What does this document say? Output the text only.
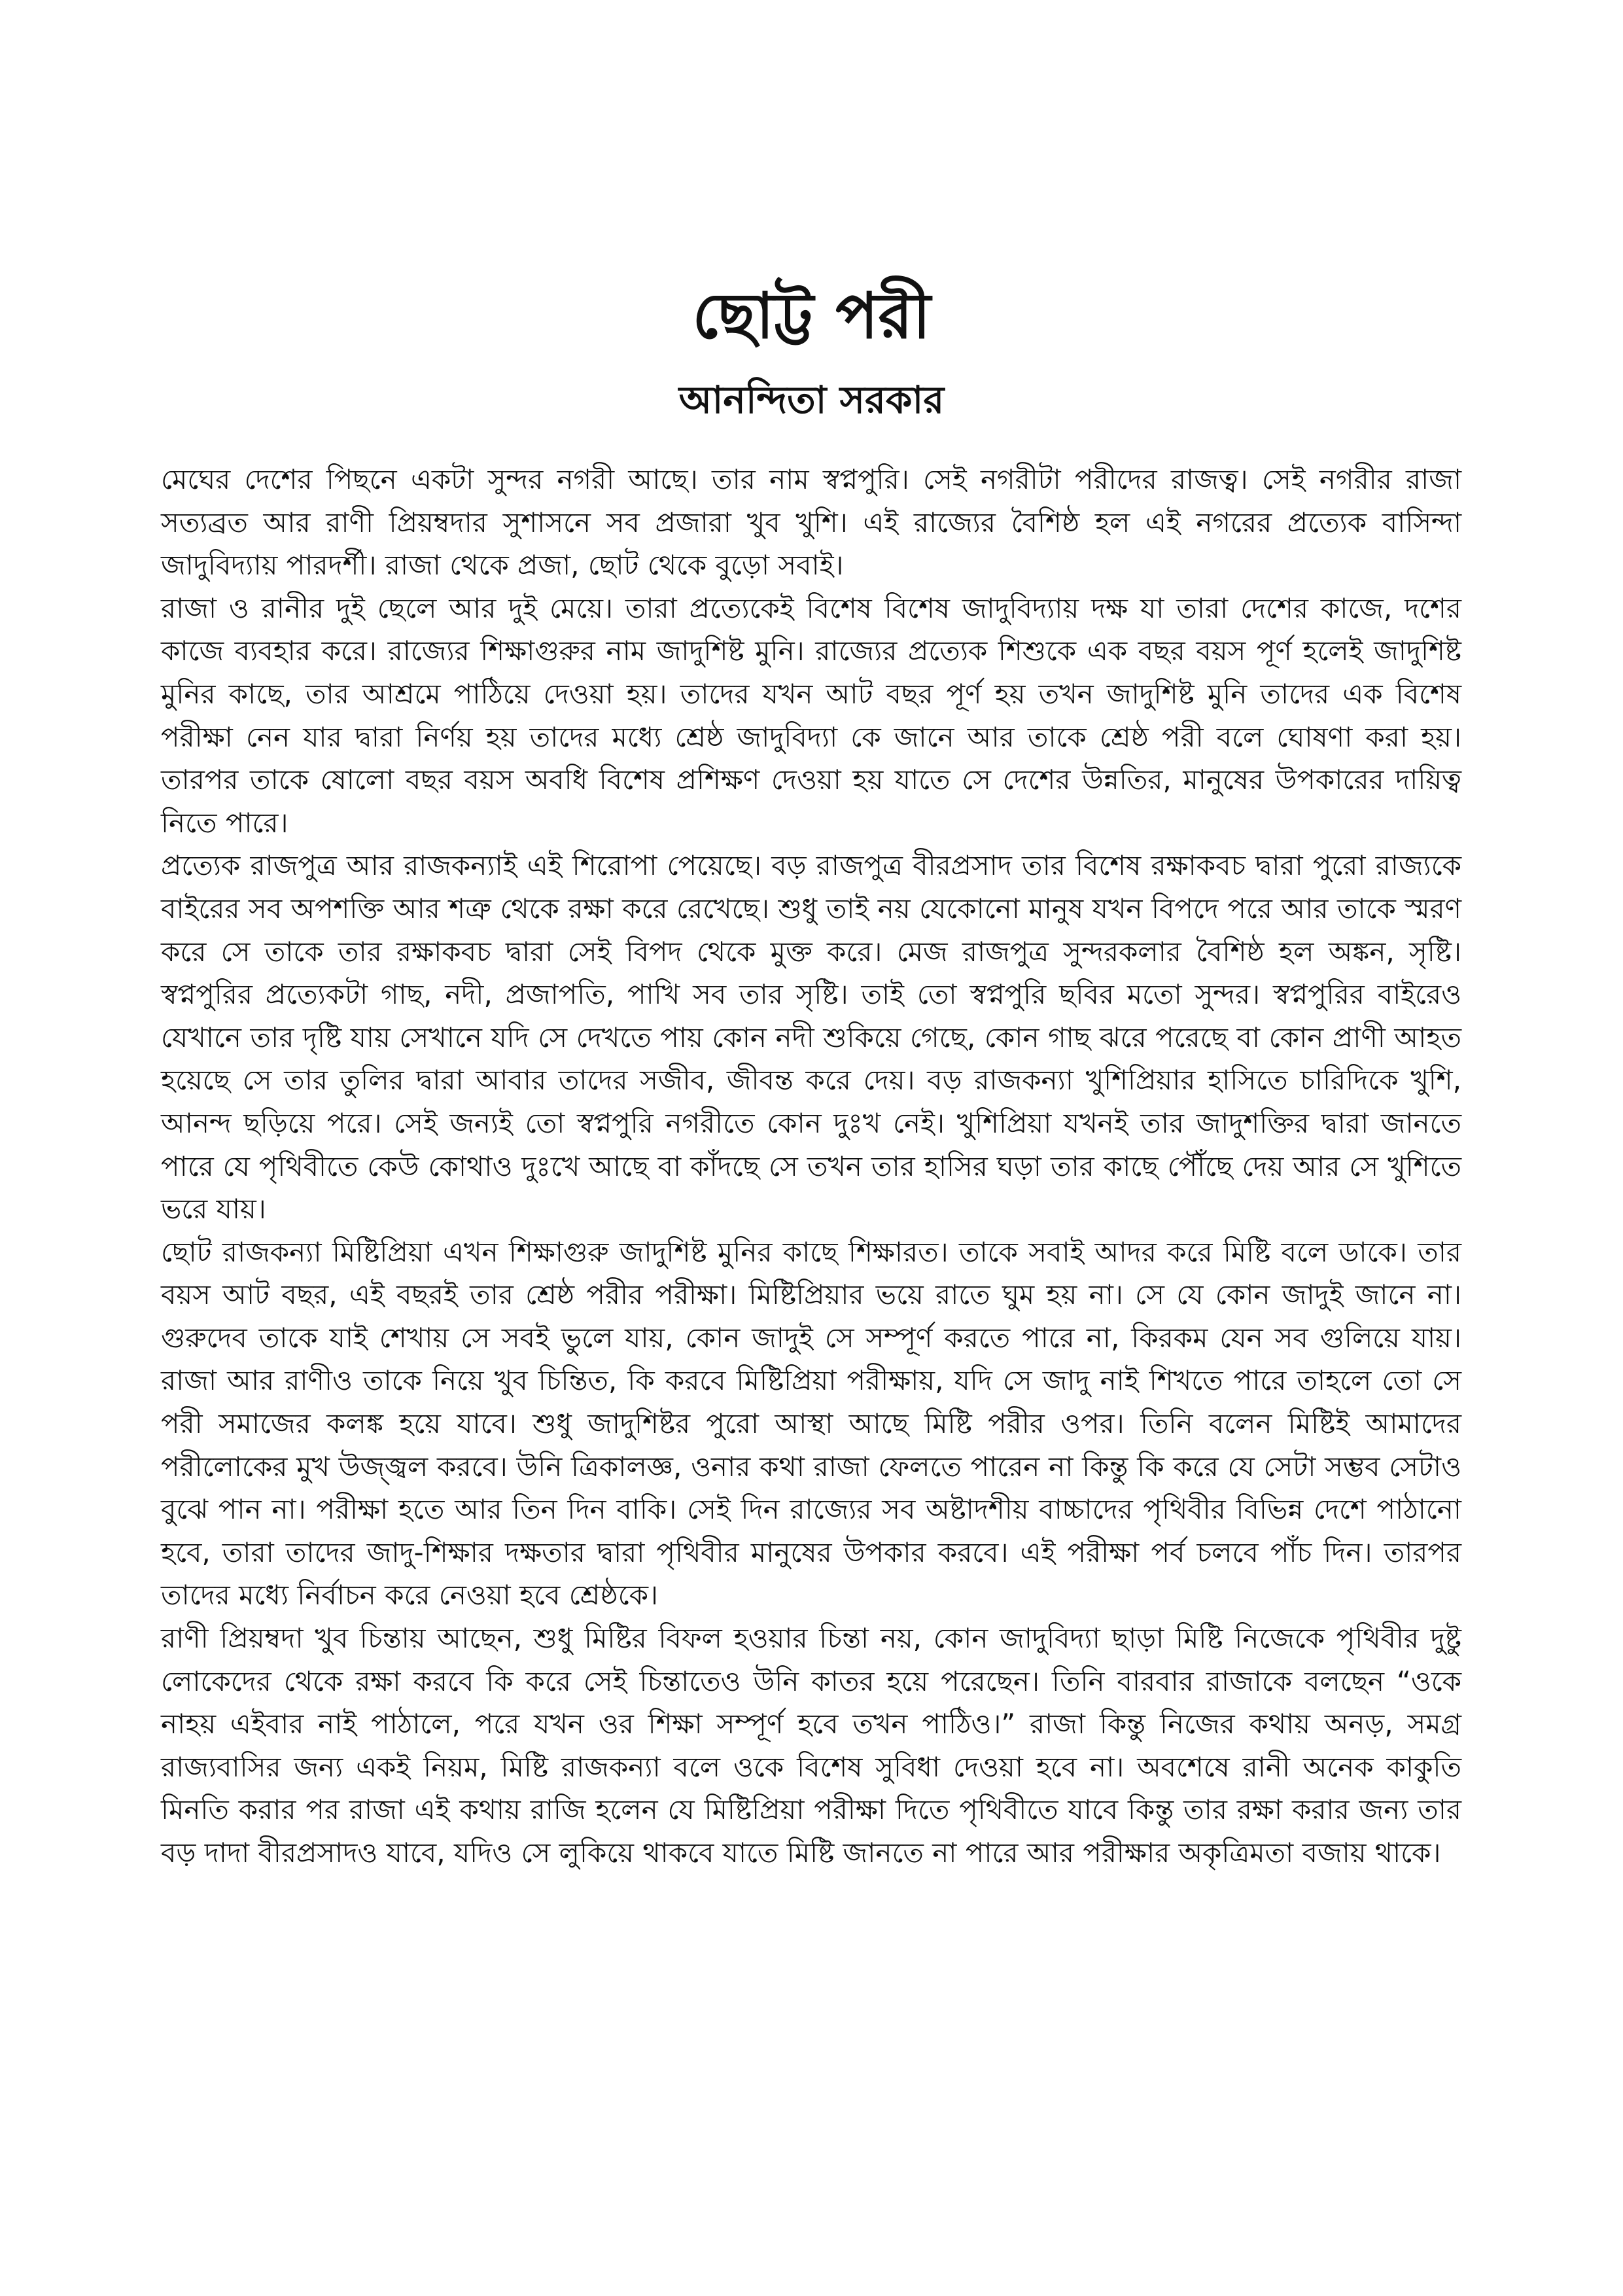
ছোট্ট পরী
আনন্দিতা সরকার

মেঘের দেশের পিছনে একটা সুন্দর নগরী আছে। তার নাম স্বপ্নপুরি। সেই নগরীটা পরীদের রাজত্ব। সেই নগরীর রাজা সত্যব্রত আর রাণী প্রিয়ম্বদার সুশাসনে সব প্রজারা খুব খুশি। এই রাজ্যের বৈশিষ্ঠ হল এই নগরের প্রত্যেক বাসিন্দা জাদুবিদ্যায় পারদর্শী। রাজা থেকে প্রজা, ছোট থেকে বুড়ো সবাই।

রাজা ও রানীর দুই ছেলে আর দুই মেয়ে। তারা প্রত্যেকেই বিশেষ বিশেষ জাদুবিদ্যায় দক্ষ যা তারা দেশের কাজে, দশের কাজে ব্যবহার করে। রাজ্যের শিক্ষাগুরুর নাম জাদুশিষ্ট মুনি। রাজ্যের প্রত্যেক শিশুকে এক বছর বয়স পূর্ণ হলেই জাদুশিষ্ট মুনির কাছে, তার আশ্রমে পাঠিয়ে দেওয়া হয়। তাদের যখন আট বছর পূর্ণ হয় তখন জাদুশিষ্ট মুনি তাদের এক বিশেষ পরীক্ষা নেন যার দ্বারা নির্ণয় হয় তাদের মধ্যে শ্রেষ্ঠ জাদুবিদ্যা কে জানে আর তাকে শ্রেষ্ঠ পরী বলে ঘোষণা করা হয়। তারপর তাকে ষোলো বছর বয়স অবধি বিশেষ প্রশিক্ষণ দেওয়া হয় যাতে সে দেশের উন্নতির, মানুষের উপকারের দায়িত্ব নিতে পারে।

প্রত্যেক রাজপুত্র আর রাজকন্যাই এই শিরোপা পেয়েছে। বড় রাজপুত্র বীরপ্রসাদ তার বিশেষ রক্ষাকবচ দ্বারা পুরো রাজ্যকে বাইরের সব অপশক্তি আর শত্রু থেকে রক্ষা করে রেখেছে। শুধু তাই নয় যেকোনো মানুষ যখন বিপদে পরে আর তাকে স্মরণ করে সে তাকে তার রক্ষাকবচ দ্বারা সেই বিপদ থেকে মুক্ত করে। মেজ রাজপুত্র সুন্দরকলার বৈশিষ্ঠ হল অঙ্কন, সৃষ্টি। স্বপ্নপুরির প্রত্যেকটা গাছ, নদী, প্রজাপতি, পাখি সব তার সৃষ্টি। তাই তো স্বপ্নপুরি ছবির মতো সুন্দর। স্বপ্নপুরির বাইরেও যেখানে তার দৃষ্টি যায় সেখানে যদি সে দেখতে পায় কোন নদী শুকিয়ে গেছে, কোন গাছ ঝরে পরেছে বা কোন প্রাণী আহত হয়েছে সে তার তুলির দ্বারা আবার তাদের সজীব, জীবন্ত করে দেয়। বড় রাজকন্যা খুশিপ্রিয়ার হাসিতে চারিদিকে খুশি, আনন্দ ছড়িয়ে পরে। সেই জন্যই তো স্বপ্নপুরি নগরীতে কোন দুঃখ নেই। খুশিপ্রিয়া যখনই তার জাদুশক্তির দ্বারা জানতে পারে যে পৃথিবীতে কেউ কোথাও দুঃখে আছে বা কাঁদছে সে তখন তার হাসির ঘড়া তার কাছে পৌঁছে দেয় আর সে খুশিতে ভরে যায়।

ছোট রাজকন্যা মিষ্টিপ্রিয়া এখন শিক্ষাগুরু জাদুশিষ্ট মুনির কাছে শিক্ষারত। তাকে সবাই আদর করে মিষ্টি বলে ডাকে। তার বয়স আট বছর, এই বছরই তার শ্রেষ্ঠ পরীর পরীক্ষা। মিষ্টিপ্রিয়ার ভয়ে রাতে ঘুম হয় না। সে যে কোন জাদুই জানে না। গুরুদেব তাকে যাই শেখায় সে সবই ভুলে যায়, কোন জাদুই সে সম্পূর্ণ করতে পারে না, কিরকম যেন সব গুলিয়ে যায়। রাজা আর রাণীও তাকে নিয়ে খুব চিন্তিত, কি করবে মিষ্টিপ্রিয়া পরীক্ষায়, যদি সে জাদু নাই শিখতে পারে তাহলে তো সে পরী সমাজের কলঙ্ক হয়ে যাবে। শুধু জাদুশিষ্টর পুরো আস্থা আছে মিষ্টি পরীর ওপর। তিনি বলেন মিষ্টিই আমাদের পরীলোকের মুখ উজ্জ্বল করবে। উনি ত্রিকালজ্ঞ, ওনার কথা রাজা ফেলতে পারেন না কিন্তু কি করে যে সেটা সম্ভব সেটাও বুঝে পান না। পরীক্ষা হতে আর তিন দিন বাকি। সেই দিন রাজ্যের সব অষ্টাদশীয় বাচ্চাদের পৃথিবীর বিভিন্ন দেশে পাঠানো হবে, তারা তাদের জাদু-শিক্ষার দক্ষতার দ্বারা পৃথিবীর মানুষের উপকার করবে। এই পরীক্ষা পর্ব চলবে পাঁচ দিন। তারপর তাদের মধ্যে নির্বাচন করে নেওয়া হবে শ্রেষ্ঠকে।

রাণী প্রিয়ম্বদা খুব চিন্তায় আছেন, শুধু মিষ্টির বিফল হওয়ার চিন্তা নয়, কোন জাদুবিদ্যা ছাড়া মিষ্টি নিজেকে পৃথিবীর দুষ্টু লোকেদের থেকে রক্ষা করবে কি করে সেই চিন্তাতেও উনি কাতর হয়ে পরেছেন। তিনি বারবার রাজাকে বলছেন “ওকে নাহয় এইবার নাই পাঠালে, পরে যখন ওর শিক্ষা সম্পূর্ণ হবে তখন পাঠিও।” রাজা কিন্তু নিজের কথায় অনড়, সমগ্র রাজ্যবাসির জন্য একই নিয়ম, মিষ্টি রাজকন্যা বলে ওকে বিশেষ সুবিধা দেওয়া হবে না। অবশেষে রানী অনেক কাকুতি মিনতি করার পর রাজা এই কথায় রাজি হলেন যে মিষ্টিপ্রিয়া পরীক্ষা দিতে পৃথিবীতে যাবে কিন্তু তার রক্ষা করার জন্য তার বড় দাদা বীরপ্রসাদও যাবে, যদিও সে লুকিয়ে থাকবে যাতে মিষ্টি জানতে না পারে আর পরীক্ষার অকৃত্রিমতা বজায় থাকে।
